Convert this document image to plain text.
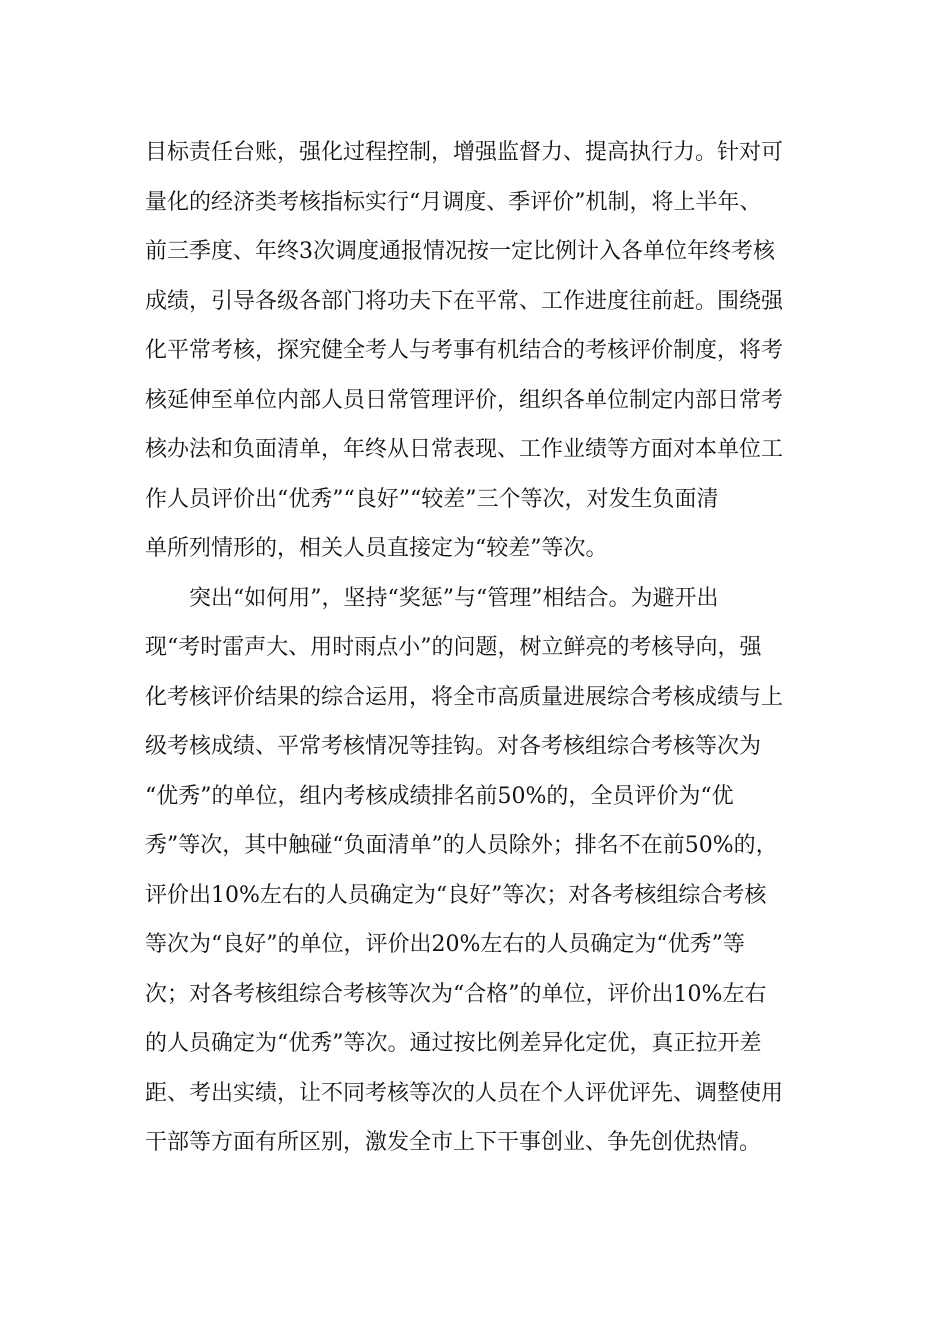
目标责任台账，强化过程控制，增强监督力、提高执行力。针对可
量化的经济类考核指标实行“月调度、季评价”机制，将上半年、
前三季度、年终3次调度通报情况按一定比例计入各单位年终考核
成绩，引导各级各部门将功夫下在平常、工作进度往前赶。围绕强
化平常考核，探究健全考人与考事有机结合的考核评价制度，将考
核延伸至单位内部人员日常管理评价，组织各单位制定内部日常考
核办法和负面清单，年终从日常表现、工作业绩等方面对本单位工
作人员评价出“优秀”“良好”“较差”三个等次，对发生负面清
单所列情形的，相关人员直接定为“较差”等次。
突出“如何用”，坚持“奖惩”与“管理”相结合。为避开出
现“考时雷声大、用时雨点小”的问题，树立鲜亮的考核导向，强
化考核评价结果的综合运用，将全市高质量进展综合考核成绩与上
级考核成绩、平常考核情况等挂钩。对各考核组综合考核等次为
“优秀”的单位，组内考核成绩排名前50%的，全员评价为“优
秀”等次，其中触碰“负面清单”的人员除外；排名不在前50%的，
评价出10%左右的人员确定为“良好”等次；对各考核组综合考核
等次为“良好”的单位，评价出20%左右的人员确定为“优秀”等
次；对各考核组综合考核等次为“合格”的单位，评价出10%左右
的人员确定为“优秀”等次。通过按比例差异化定优，真正拉开差
距、考出实绩，让不同考核等次的人员在个人评优评先、调整使用
干部等方面有所区别，激发全市上下干事创业、争先创优热情。
